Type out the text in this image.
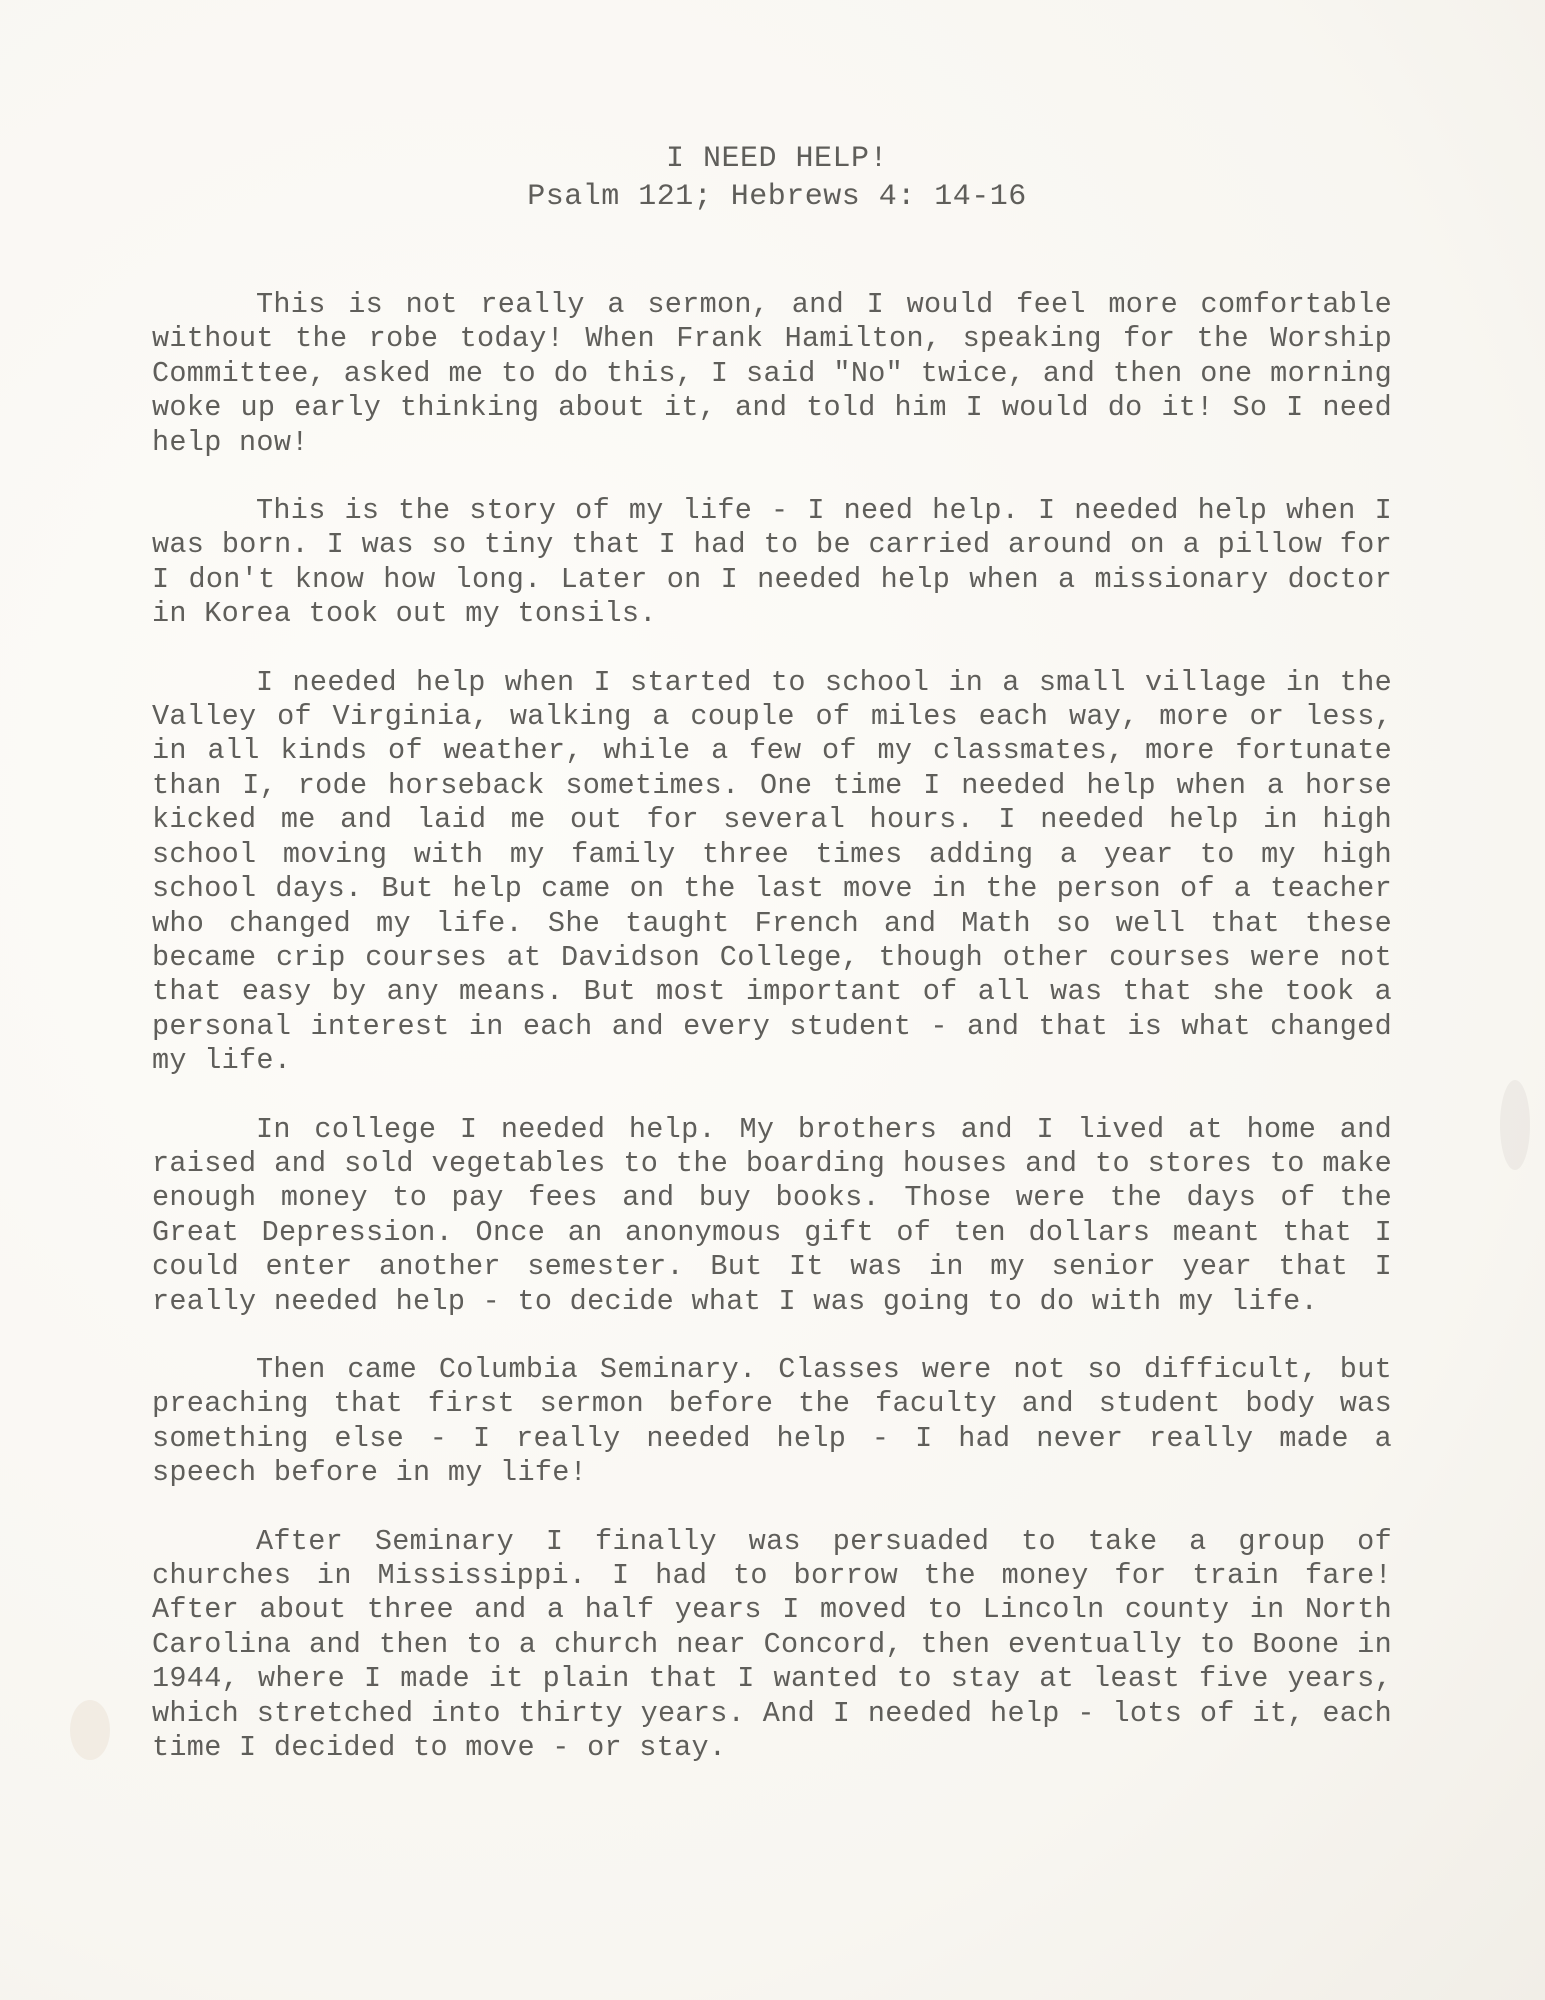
I NEED HELP!
Psalm 121; Hebrews 4: 14-16

This is not really a sermon, and I would feel more comfortable without the robe today! When Frank Hamilton, speaking for the Worship Committee, asked me to do this, I said "No" twice, and then one morning woke up early thinking about it, and told him I would do it! So I need help now!

This is the story of my life - I need help. I needed help when I was born. I was so tiny that I had to be carried around on a pillow for I don't know how long. Later on I needed help when a missionary doctor in Korea took out my tonsils.

I needed help when I started to school in a small village in the Valley of Virginia, walking a couple of miles each way, more or less, in all kinds of weather, while a few of my classmates, more fortunate than I, rode horseback sometimes. One time I needed help when a horse kicked me and laid me out for several hours. I needed help in high school moving with my family three times adding a year to my high school days. But help came on the last move in the person of a teacher who changed my life. She taught French and Math so well that these became crip courses at Davidson College, though other courses were not that easy by any means. But most important of all was that she took a personal interest in each and every student - and that is what changed my life.

In college I needed help. My brothers and I lived at home and raised and sold vegetables to the boarding houses and to stores to make enough money to pay fees and buy books. Those were the days of the Great Depression. Once an anonymous gift of ten dollars meant that I could enter another semester. But It was in my senior year that I really needed help - to decide what I was going to do with my life.

Then came Columbia Seminary. Classes were not so difficult, but preaching that first sermon before the faculty and student body was something else - I really needed help - I had never really made a speech before in my life!

After Seminary I finally was persuaded to take a group of churches in Mississippi. I had to borrow the money for train fare! After about three and a half years I moved to Lincoln county in North Carolina and then to a church near Concord, then eventually to Boone in 1944, where I made it plain that I wanted to stay at least five years, which stretched into thirty years. And I needed help - lots of it, each time I decided to move - or stay.
